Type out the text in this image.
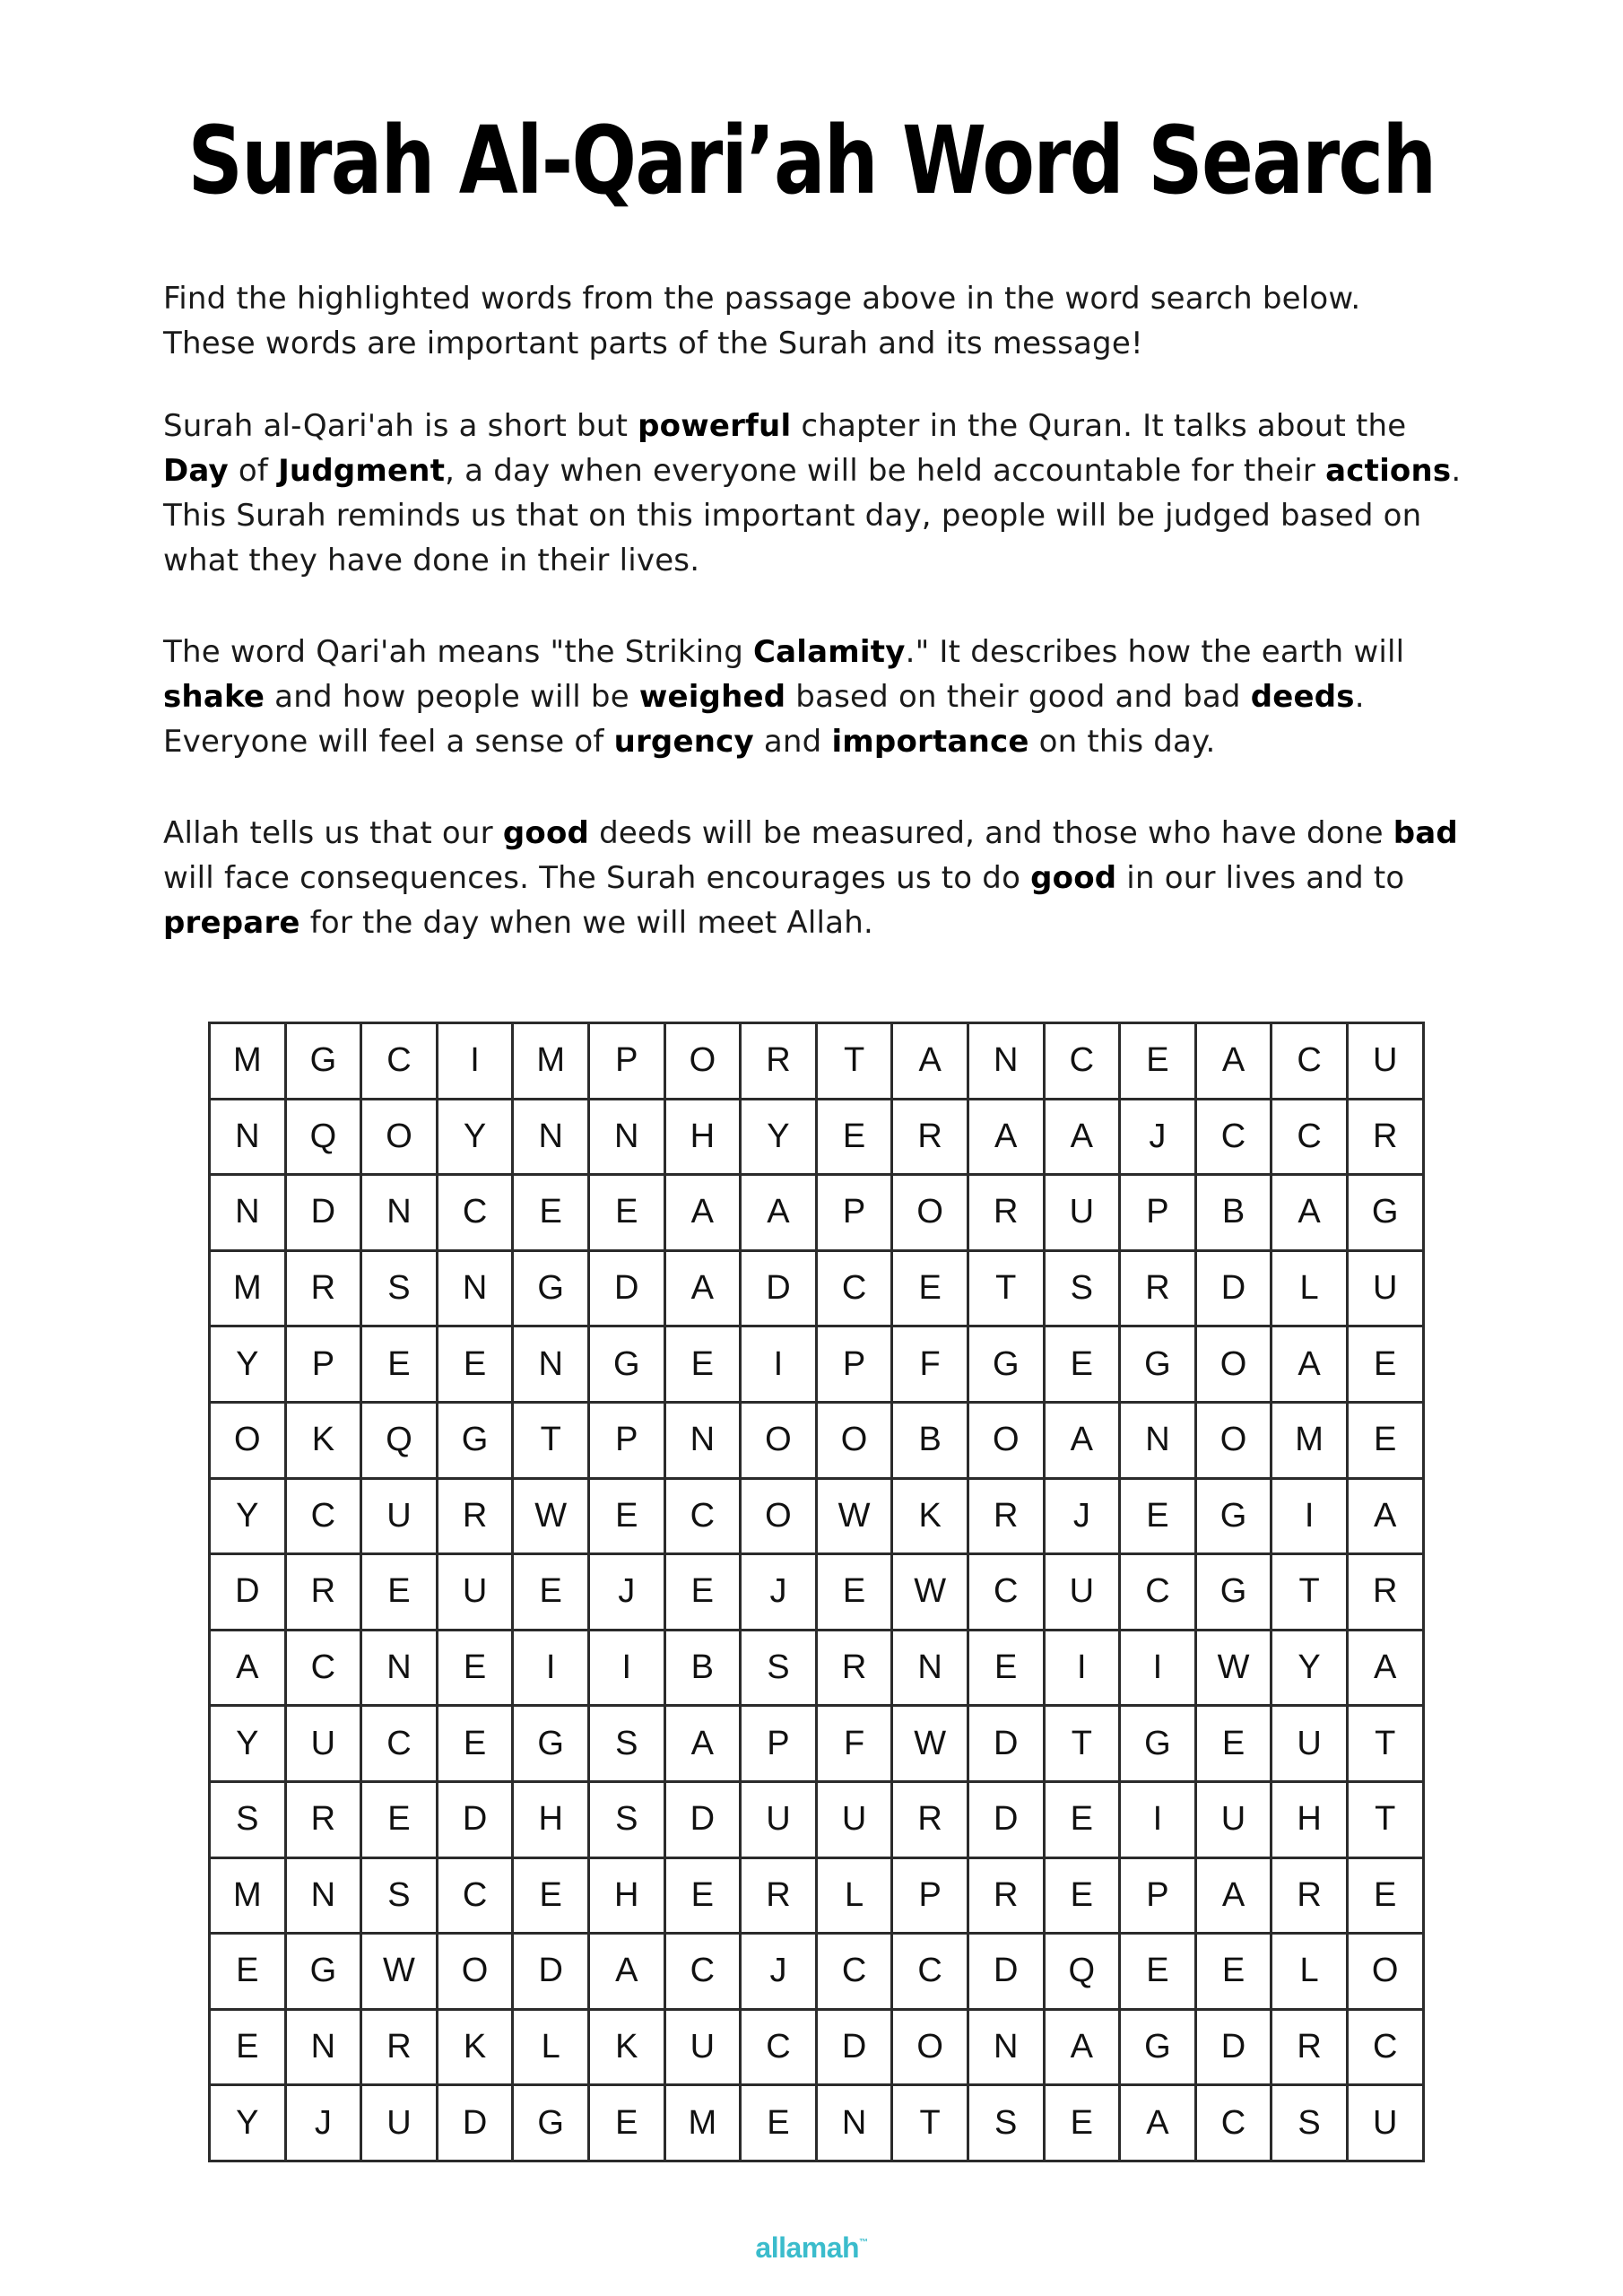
Surah Al-Qari’ah Word Search

Find the highlighted words from the passage above in the word search below.

These words are important parts of the Surah and its message!

Surah al-Qari'ah is a short but powerful chapter in the Quran. It talks about the Day of Judgment, a day when everyone will be held accountable for their actions. This Surah reminds us that on this important day, people will be judged based on what they have done in their lives.
The word Qari'ah means "the Striking Calamity." It describes how the earth will shake and how people will be weighed based on their good and bad deeds. Everyone will feel a sense of urgency and importance on this day.
Allah tells us that our good deeds will be measured, and those who have done bad will face consequences. The Surah encourages us to do good in our lives and to prepare for the day when we will meet Allah.
M	G	C	I	M	P	O	R	T	A	N	C	E	A	C	U
N	Q	O	Y	N	N	H	Y	E	R	A	A	J	C	C	R
N	D	N	C	E	E	A	A	P	O	R	U	P	B	A	G
M	R	S	N	G	D	A	D	C	E	T	S	R	D	L	U
Y	P	E	E	N	G	E	I	P	F	G	E	G	O	A	E
O	K	Q	G	T	P	N	O	O	B	O	A	N	O	M	E
Y	C	U	R	W	E	C	O	W	K	R	J	E	G	I	A
D	R	E	U	E	J	E	J	E	W	C	U	C	G	T	R
A	C	N	E	I	I	B	S	R	N	E	I	I	W	Y	A
Y	U	C	E	G	S	A	P	F	W	D	T	G	E	U	T
S	R	E	D	H	S	D	U	U	R	D	E	I	U	H	T
M	N	S	C	E	H	E	R	L	P	R	E	P	A	R	E
E	G	W	O	D	A	C	J	C	C	D	Q	E	E	L	O
E	N	R	K	L	K	U	C	D	O	N	A	G	D	R	C
Y	J	U	D	G	E	M	E	N	T	S	E	A	C	S	U
allamah™
